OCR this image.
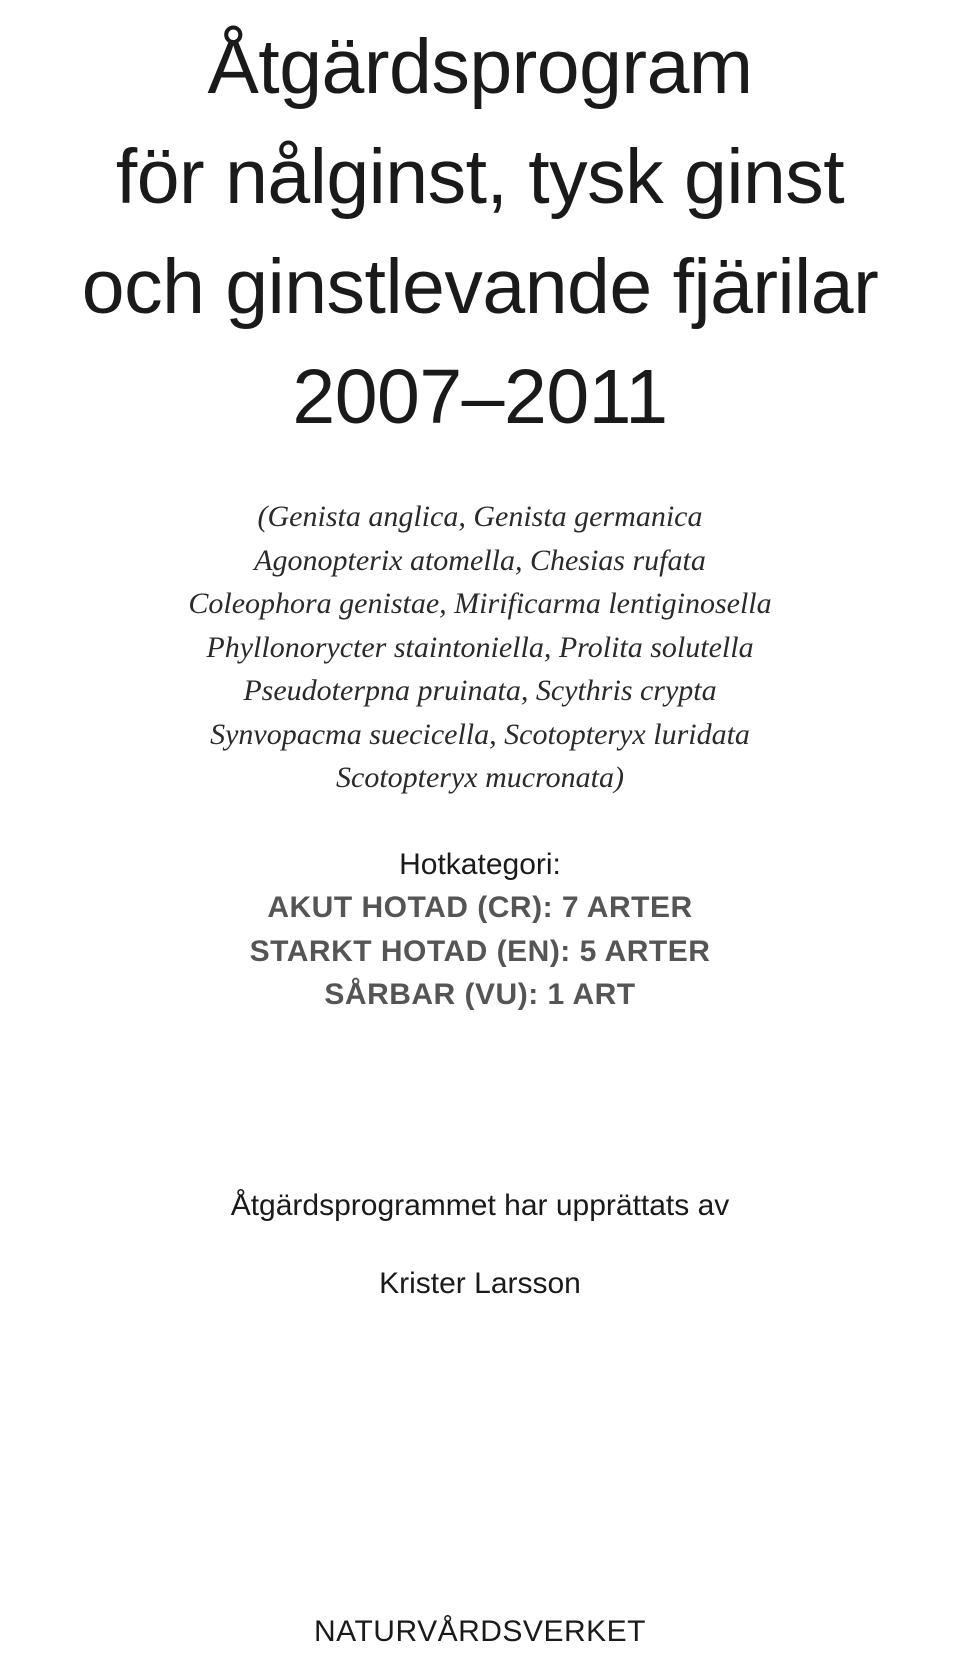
Åtgärdsprogram
för nålginst, tysk ginst
och ginstlevande fjärilar
2007–2011
(Genista anglica, Genista germanica
Agonopterix atomella, Chesias rufata
Coleophora genistae, Mirificarma lentiginosella
Phyllonorycter staintoniella, Prolita solutella
Pseudoterpna pruinata, Scythris crypta
Synvopacma suecicella, Scotopteryx luridata
Scotopteryx mucronata)
Hotkategori:
AKUT HOTAD (CR): 7 ARTER
STARKT HOTAD (EN): 5 ARTER
SÅRBAR (VU): 1 ART
Åtgärdsprogrammet har upprättats av
Krister Larsson
NATURVÅRDSVERKET
